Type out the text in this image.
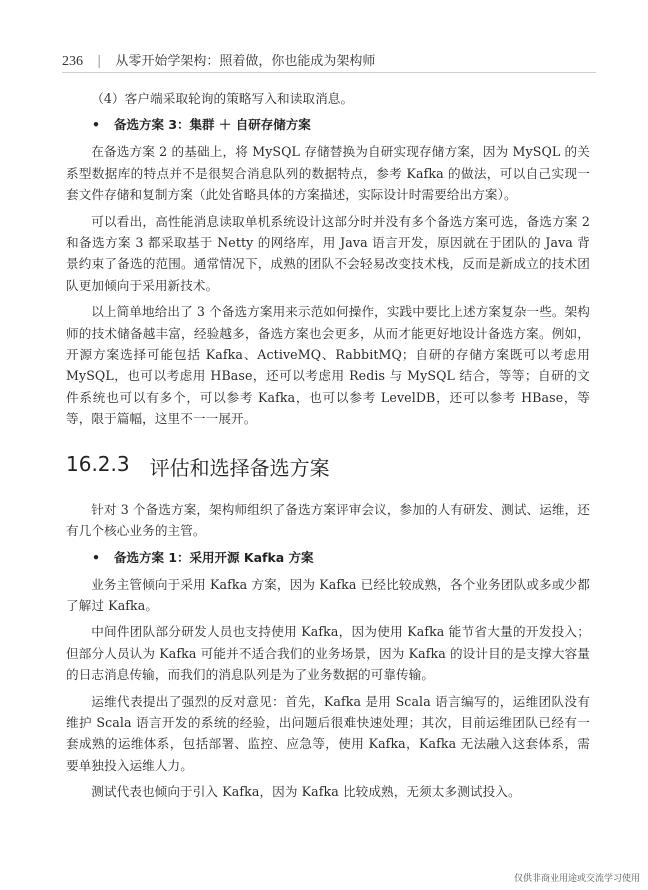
236 | 从零开始学架构：照着做，你也能成为架构师

（4）客户端采取轮询的策略写入和读取消息。

•	备选方案 3：集群 ＋ 自研存储方案

在备选方案 2 的基础上，将 MySQL 存储替换为自研实现存储方案，因为 MySQL 的关系型数据库的特点并不是很契合消息队列的数据特点，参考 Kafka 的做法，可以自己实现一套文件存储和复制方案（此处省略具体的方案描述，实际设计时需要给出方案）。

可以看出，高性能消息读取单机系统设计这部分时并没有多个备选方案可选，备选方案 2 和备选方案 3 都采取基于 Netty 的网络库，用 Java 语言开发，原因就在于团队的 Java 背景约束了备选的范围。通常情况下，成熟的团队不会轻易改变技术栈，反而是新成立的技术团队更加倾向于采用新技术。

以上简单地给出了 3 个备选方案用来示范如何操作，实践中要比上述方案复杂一些。架构师的技术储备越丰富，经验越多，备选方案也会更多，从而才能更好地设计备选方案。例如，开源方案选择可能包括 Kafka、ActiveMQ、RabbitMQ；自研的存储方案既可以考虑用 MySQL，也可以考虑用 HBase，还可以考虑用 Redis 与 MySQL 结合，等等；自研的文件系统也可以有多个，可以参考 Kafka，也可以参考 LevelDB，还可以参考 HBase，等等，限于篇幅，这里不一一展开。

16.2.3 评估和选择备选方案

针对 3 个备选方案，架构师组织了备选方案评审会议，参加的人有研发、测试、运维，还有几个核心业务的主管。

•	备选方案 1：采用开源 Kafka 方案

业务主管倾向于采用 Kafka 方案，因为 Kafka 已经比较成熟，各个业务团队或多或少都了解过 Kafka。

中间件团队部分研发人员也支持使用 Kafka，因为使用 Kafka 能节省大量的开发投入；但部分人员认为 Kafka 可能并不适合我们的业务场景，因为 Kafka 的设计目的是支撑大容量的日志消息传输，而我们的消息队列是为了业务数据的可靠传输。

运维代表提出了强烈的反对意见：首先，Kafka 是用 Scala 语言编写的，运维团队没有维护 Scala 语言开发的系统的经验，出问题后很难快速处理；其次，目前运维团队已经有一套成熟的运维体系，包括部署、监控、应急等，使用 Kafka，Kafka 无法融入这套体系，需要单独投入运维人力。

测试代表也倾向于引入 Kafka，因为 Kafka 比较成熟，无须太多测试投入。

仅供非商业用途或交流学习使用
